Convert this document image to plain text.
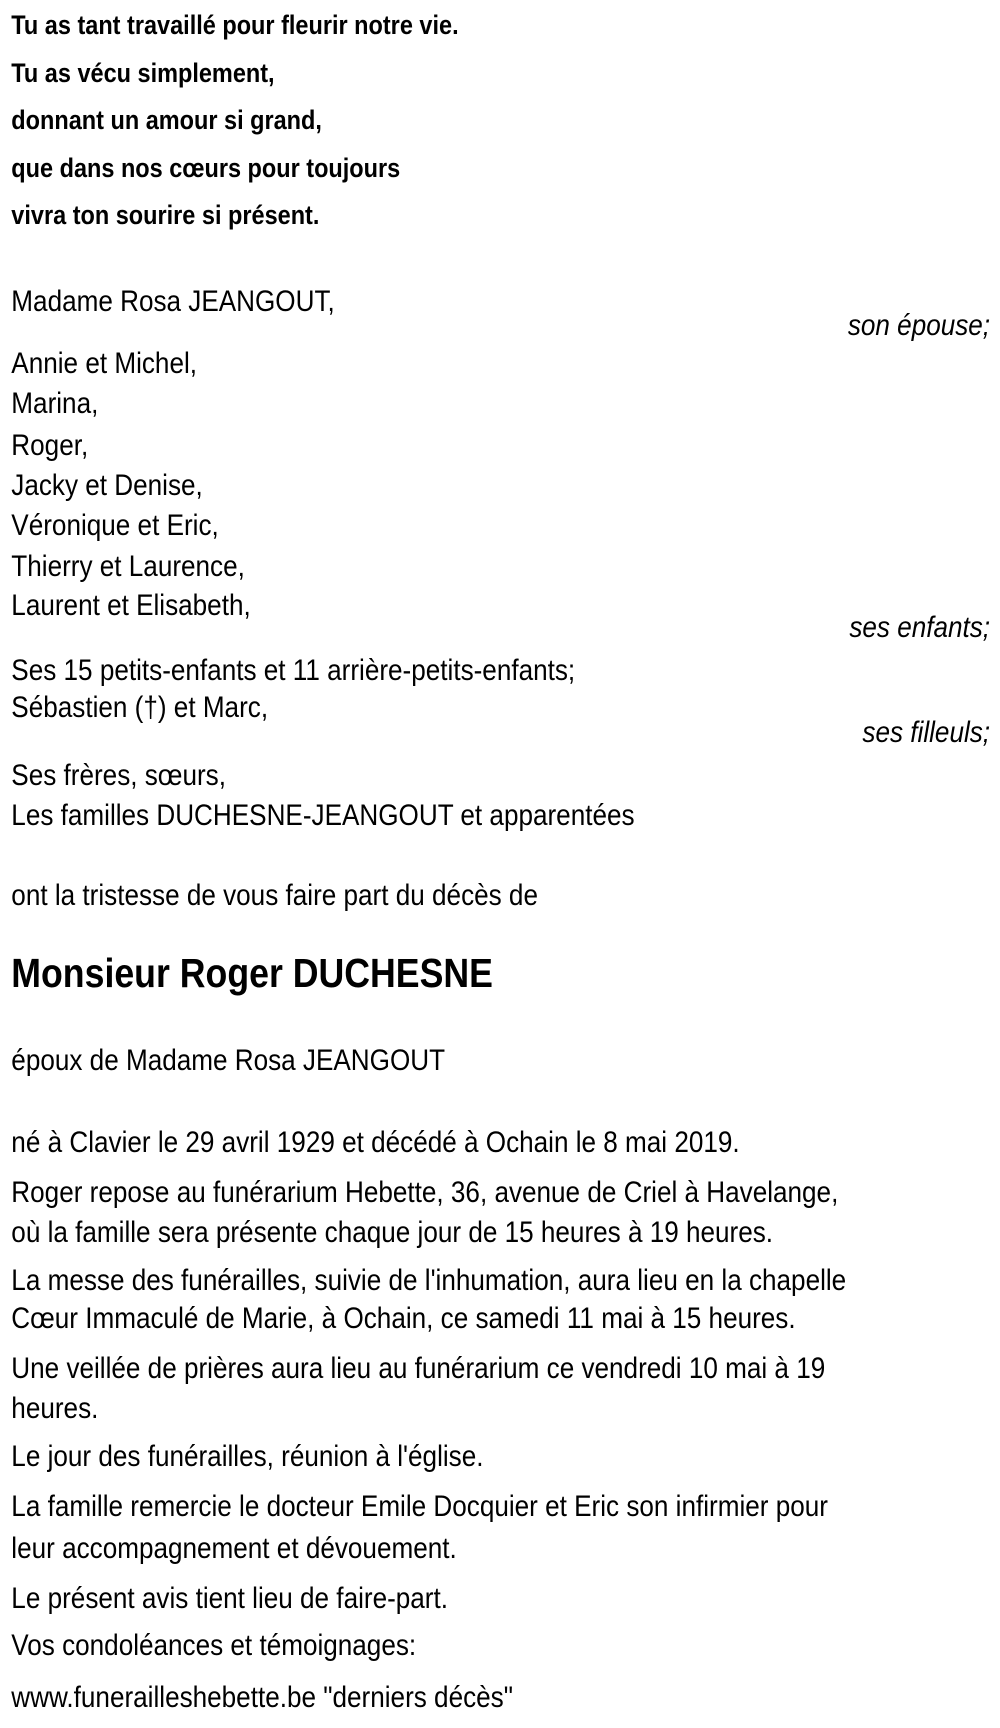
Tu as tant travaillé pour fleurir notre vie.
Tu as vécu simplement,
donnant un amour si grand,
que dans nos cœurs pour toujours
vivra ton sourire si présent.
Madame Rosa JEANGOUT,
son épouse;
Annie et Michel,
Marina,
Roger,
Jacky et Denise,
Véronique et Eric,
Thierry et Laurence,
Laurent et Elisabeth,
ses enfants;
Ses 15 petits-enfants et 11 arrière-petits-enfants;
Sébastien (†) et Marc,
ses filleuls;
Ses frères, sœurs,
Les familles DUCHESNE-JEANGOUT et apparentées
ont la tristesse de vous faire part du décès de
Monsieur Roger DUCHESNE
époux de Madame Rosa JEANGOUT
né à Clavier le 29 avril 1929 et décédé à Ochain le 8 mai 2019.
Roger repose au funérarium Hebette, 36, avenue de Criel à Havelange,
où la famille sera présente chaque jour de 15 heures à 19 heures.
La messe des funérailles, suivie de l'inhumation, aura lieu en la chapelle
Cœur Immaculé de Marie, à Ochain, ce samedi 11 mai à 15 heures.
Une veillée de prières aura lieu au funérarium ce vendredi 10 mai à 19
heures.
Le jour des funérailles, réunion à l'église.
La famille remercie le docteur Emile Docquier et Eric son infirmier pour
leur accompagnement et dévouement.
Le présent avis tient lieu de faire-part.
Vos condoléances et témoignages:
www.funerailleshebette.be "derniers décès"
